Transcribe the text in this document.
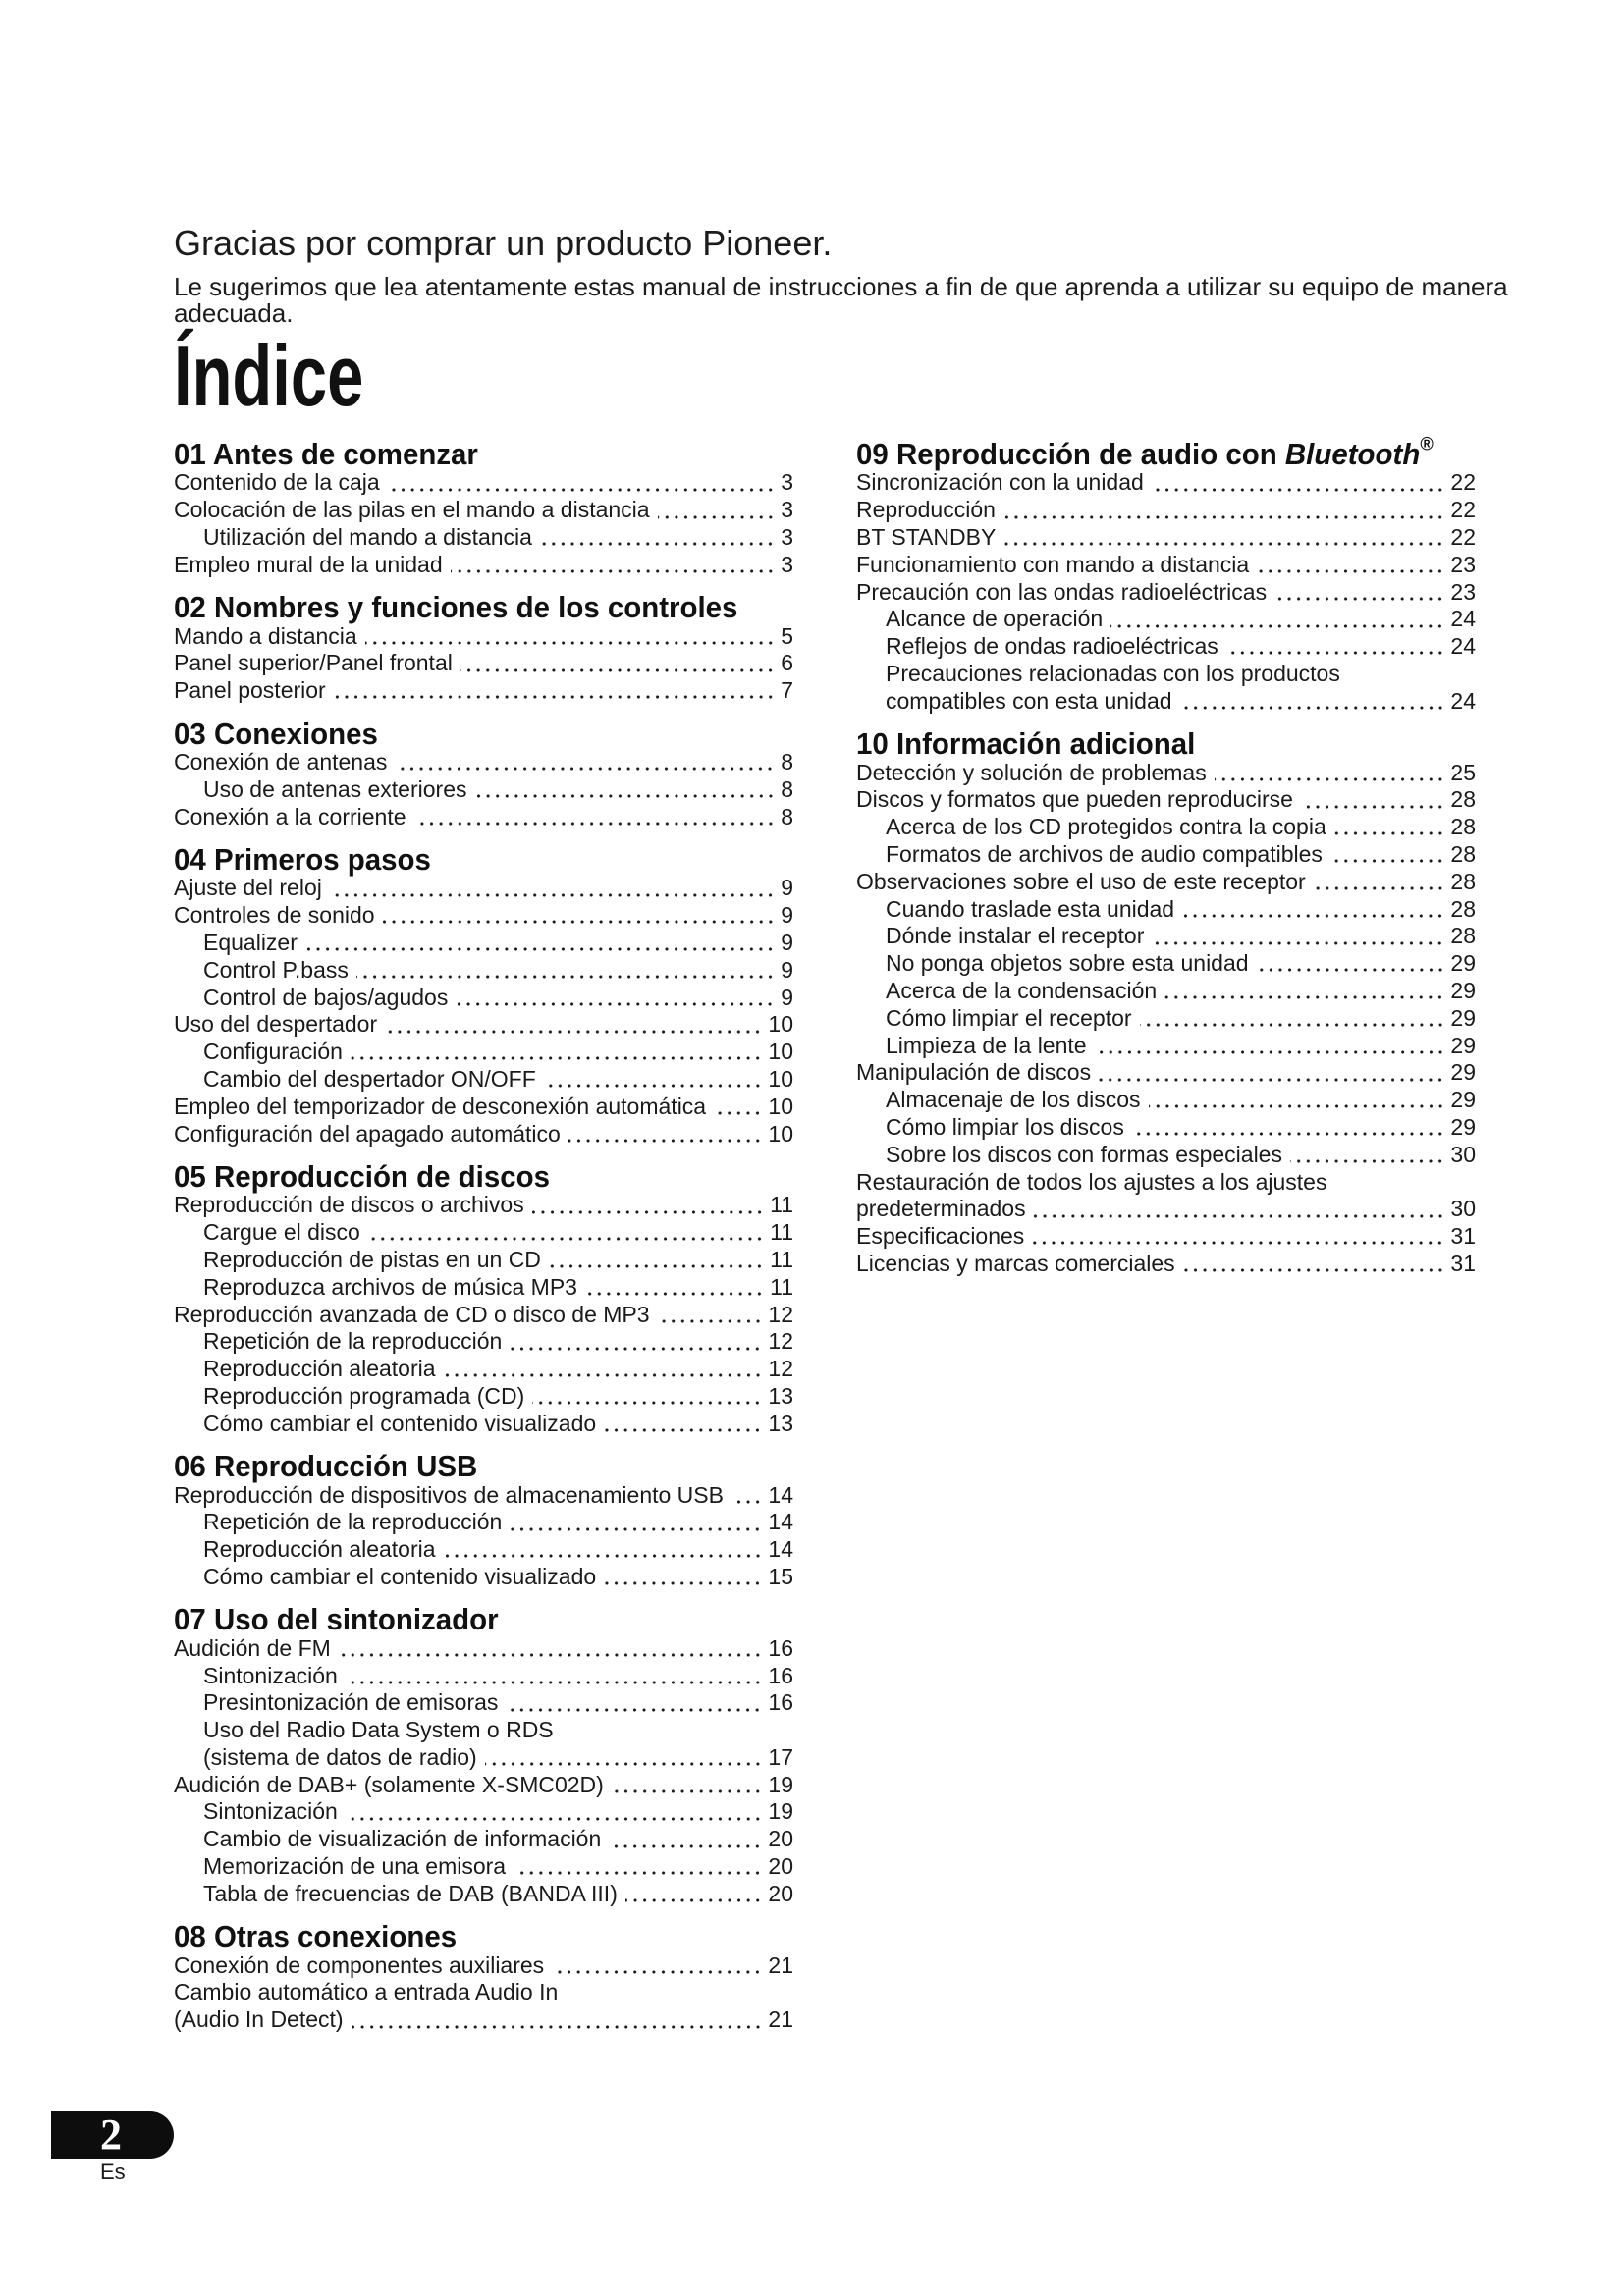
Gracias por comprar un producto Pioneer.

Le sugerimos que lea atentamente estas manual de instrucciones a fin de que aprenda a utilizar su equipo de manera adecuada.

Índice
01 Antes de comenzar
Contenido de la caja	3
Colocación de las pilas en el mando a distancia	3
Utilización del mando a distancia	3
Empleo mural de la unidad	3
02 Nombres y funciones de los controles
Mando a distancia	5
Panel superior/Panel frontal	6
Panel posterior	7
03 Conexiones
Conexión de antenas	8
Uso de antenas exteriores	8
Conexión a la corriente	8
04 Primeros pasos
Ajuste del reloj	9
Controles de sonido	9
Equalizer	9
Control P.bass	9
Control de bajos/agudos	9
Uso del despertador	10
Configuración	10
Cambio del despertador ON/OFF	10
Empleo del temporizador de desconexión automática	10
Configuración del apagado automático	10
05 Reproducción de discos
Reproducción de discos o archivos	11
Cargue el disco	11
Reproducción de pistas en un CD	11
Reproduzca archivos de música MP3	11
Reproducción avanzada de CD o disco de MP3	12
Repetición de la reproducción	12
Reproducción aleatoria	12
Reproducción programada (CD)	13
Cómo cambiar el contenido visualizado	13
06 Reproducción USB
Reproducción de dispositivos de almacenamiento USB 14
Repetición de la reproducción	14
Reproducción aleatoria	14
Cómo cambiar el contenido visualizado	15
07 Uso del sintonizador
Audición de FM	16
Sintonización	16
Presintonización de emisoras	16
Uso del Radio Data System o RDS
(sistema de datos de radio)	17
Audición de DAB+ (solamente X-SMC02D)	19
Sintonización	19
Cambio de visualización de información	20
Memorización de una emisora	20
Tabla de frecuencias de DAB (BANDA III)	20
08 Otras conexiones
Conexión de componentes auxiliares	21
Cambio automático a entrada Audio In
(Audio In Detect)	21
09 Reproducción de audio con Bluetooth®
Sincronización con la unidad	22
Reproducción	22
BT STANDBY	22
Funcionamiento con mando a distancia	23
Precaución con las ondas radioeléctricas	23
Alcance de operación	24
Reflejos de ondas radioeléctricas	24
Precauciones relacionadas con los productos
compatibles con esta unidad	24
10 Información adicional
Detección y solución de problemas	25
Discos y formatos que pueden reproducirse	28
Acerca de los CD protegidos contra la copia	28
Formatos de archivos de audio compatibles	28
Observaciones sobre el uso de este receptor	28
Cuando traslade esta unidad	28
Dónde instalar el receptor	28
No ponga objetos sobre esta unidad	29
Acerca de la condensación	29
Cómo limpiar el receptor	29
Limpieza de la lente	29
Manipulación de discos	29
Almacenaje de los discos	29
Cómo limpiar los discos	29
Sobre los discos con formas especiales	30
Restauración de todos los ajustes a los ajustes
predeterminados	30
Especificaciones	31
Licencias y marcas comerciales	31
2
Es
